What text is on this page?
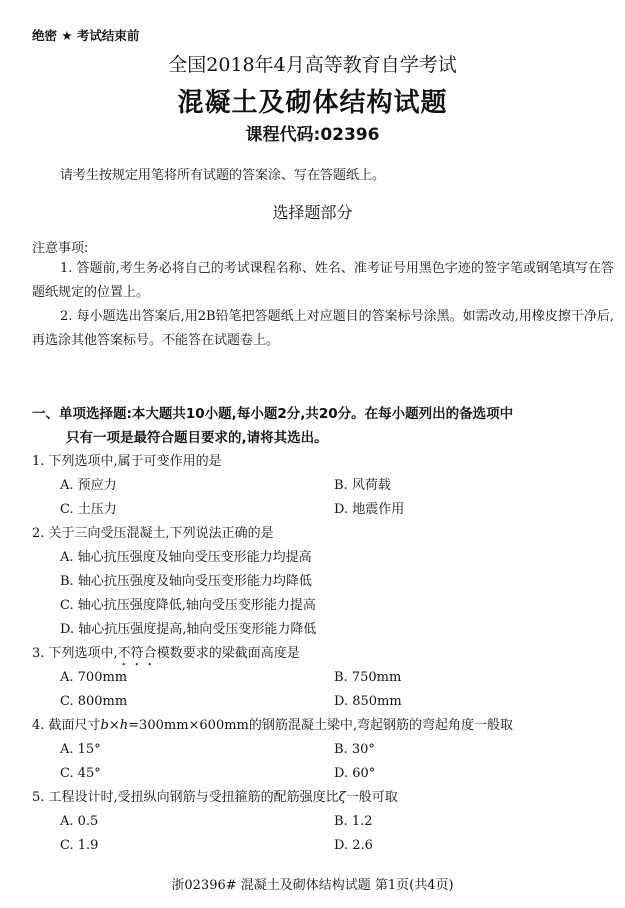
绝密 ★ 考试结束前
全国2018年4月高等教育自学考试
混凝土及砌体结构试题
课程代码:02396
请考生按规定用笔将所有试题的答案涂、写在答题纸上。
选择题部分
注意事项:
1. 答题前,考生务必将自己的考试课程名称、姓名、准考证号用黑色字迹的签字笔或钢笔填写在答题纸规定的位置上。
2. 每小题选出答案后,用2B铅笔把答题纸上对应题目的答案标号涂黑。如需改动,用橡皮擦干净后,再选涂其他答案标号。不能答在试题卷上。
一、单项选择题:本大题共10小题,每小题2分,共20分。在每小题列出的备选项中
只有一项是最符合题目要求的,请将其选出。
1. 下列选项中,属于可变作用的是
A. 预应力	B. 风荷载
C. 土压力	D. 地震作用
2. 关于三向受压混凝土,下列说法正确的是
A. 轴心抗压强度及轴向受压变形能力均提高
B. 轴心抗压强度及轴向受压变形能力均降低
C. 轴心抗压强度降低,轴向受压变形能力提高
D. 轴心抗压强度提高,轴向受压变形能力降低
3. 下列选项中,不符合模数要求的梁截面高度是
A. 700mm	B. 750mm
C. 800mm	D. 850mm
4. 截面尺寸b×h=300mm×600mm的钢筋混凝土梁中,弯起钢筋的弯起角度一般取
A. 15°	B. 30°
C. 45°	D. 60°
5. 工程设计时,受扭纵向钢筋与受扭箍筋的配筋强度比ζ一般可取
A. 0.5	B. 1.2
C. 1.9	D. 2.6
浙02396# 混凝土及砌体结构试题 第1页(共4页)
